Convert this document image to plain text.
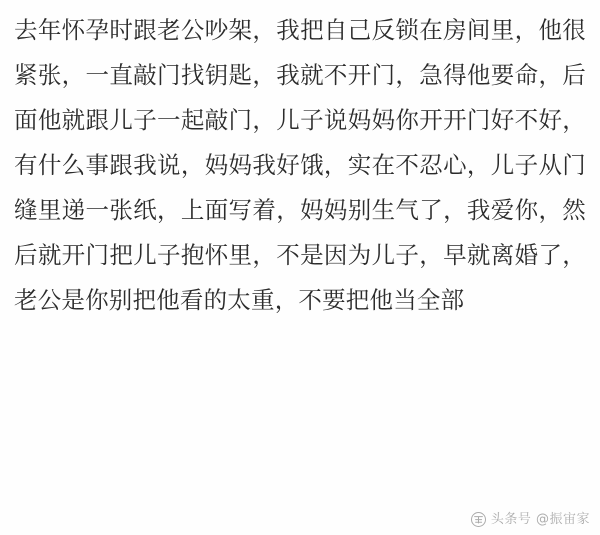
去年怀孕时跟老公吵架，我把自己反锁在房间里，他很紧张，一直敲门找钥匙，我就不开门，急得他要命，后面他就跟儿子一起敲门，儿子说妈妈你开开门好不好，有什么事跟我说，妈妈我好饿，实在不忍心，儿子从门缝里递一张纸，上面写着，妈妈别生气了，我爱你，然后就开门把儿子抱怀里，不是因为儿子，早就离婚了，老公是你别把他看的太重，不要把他当全部
头条号 @振宙家
